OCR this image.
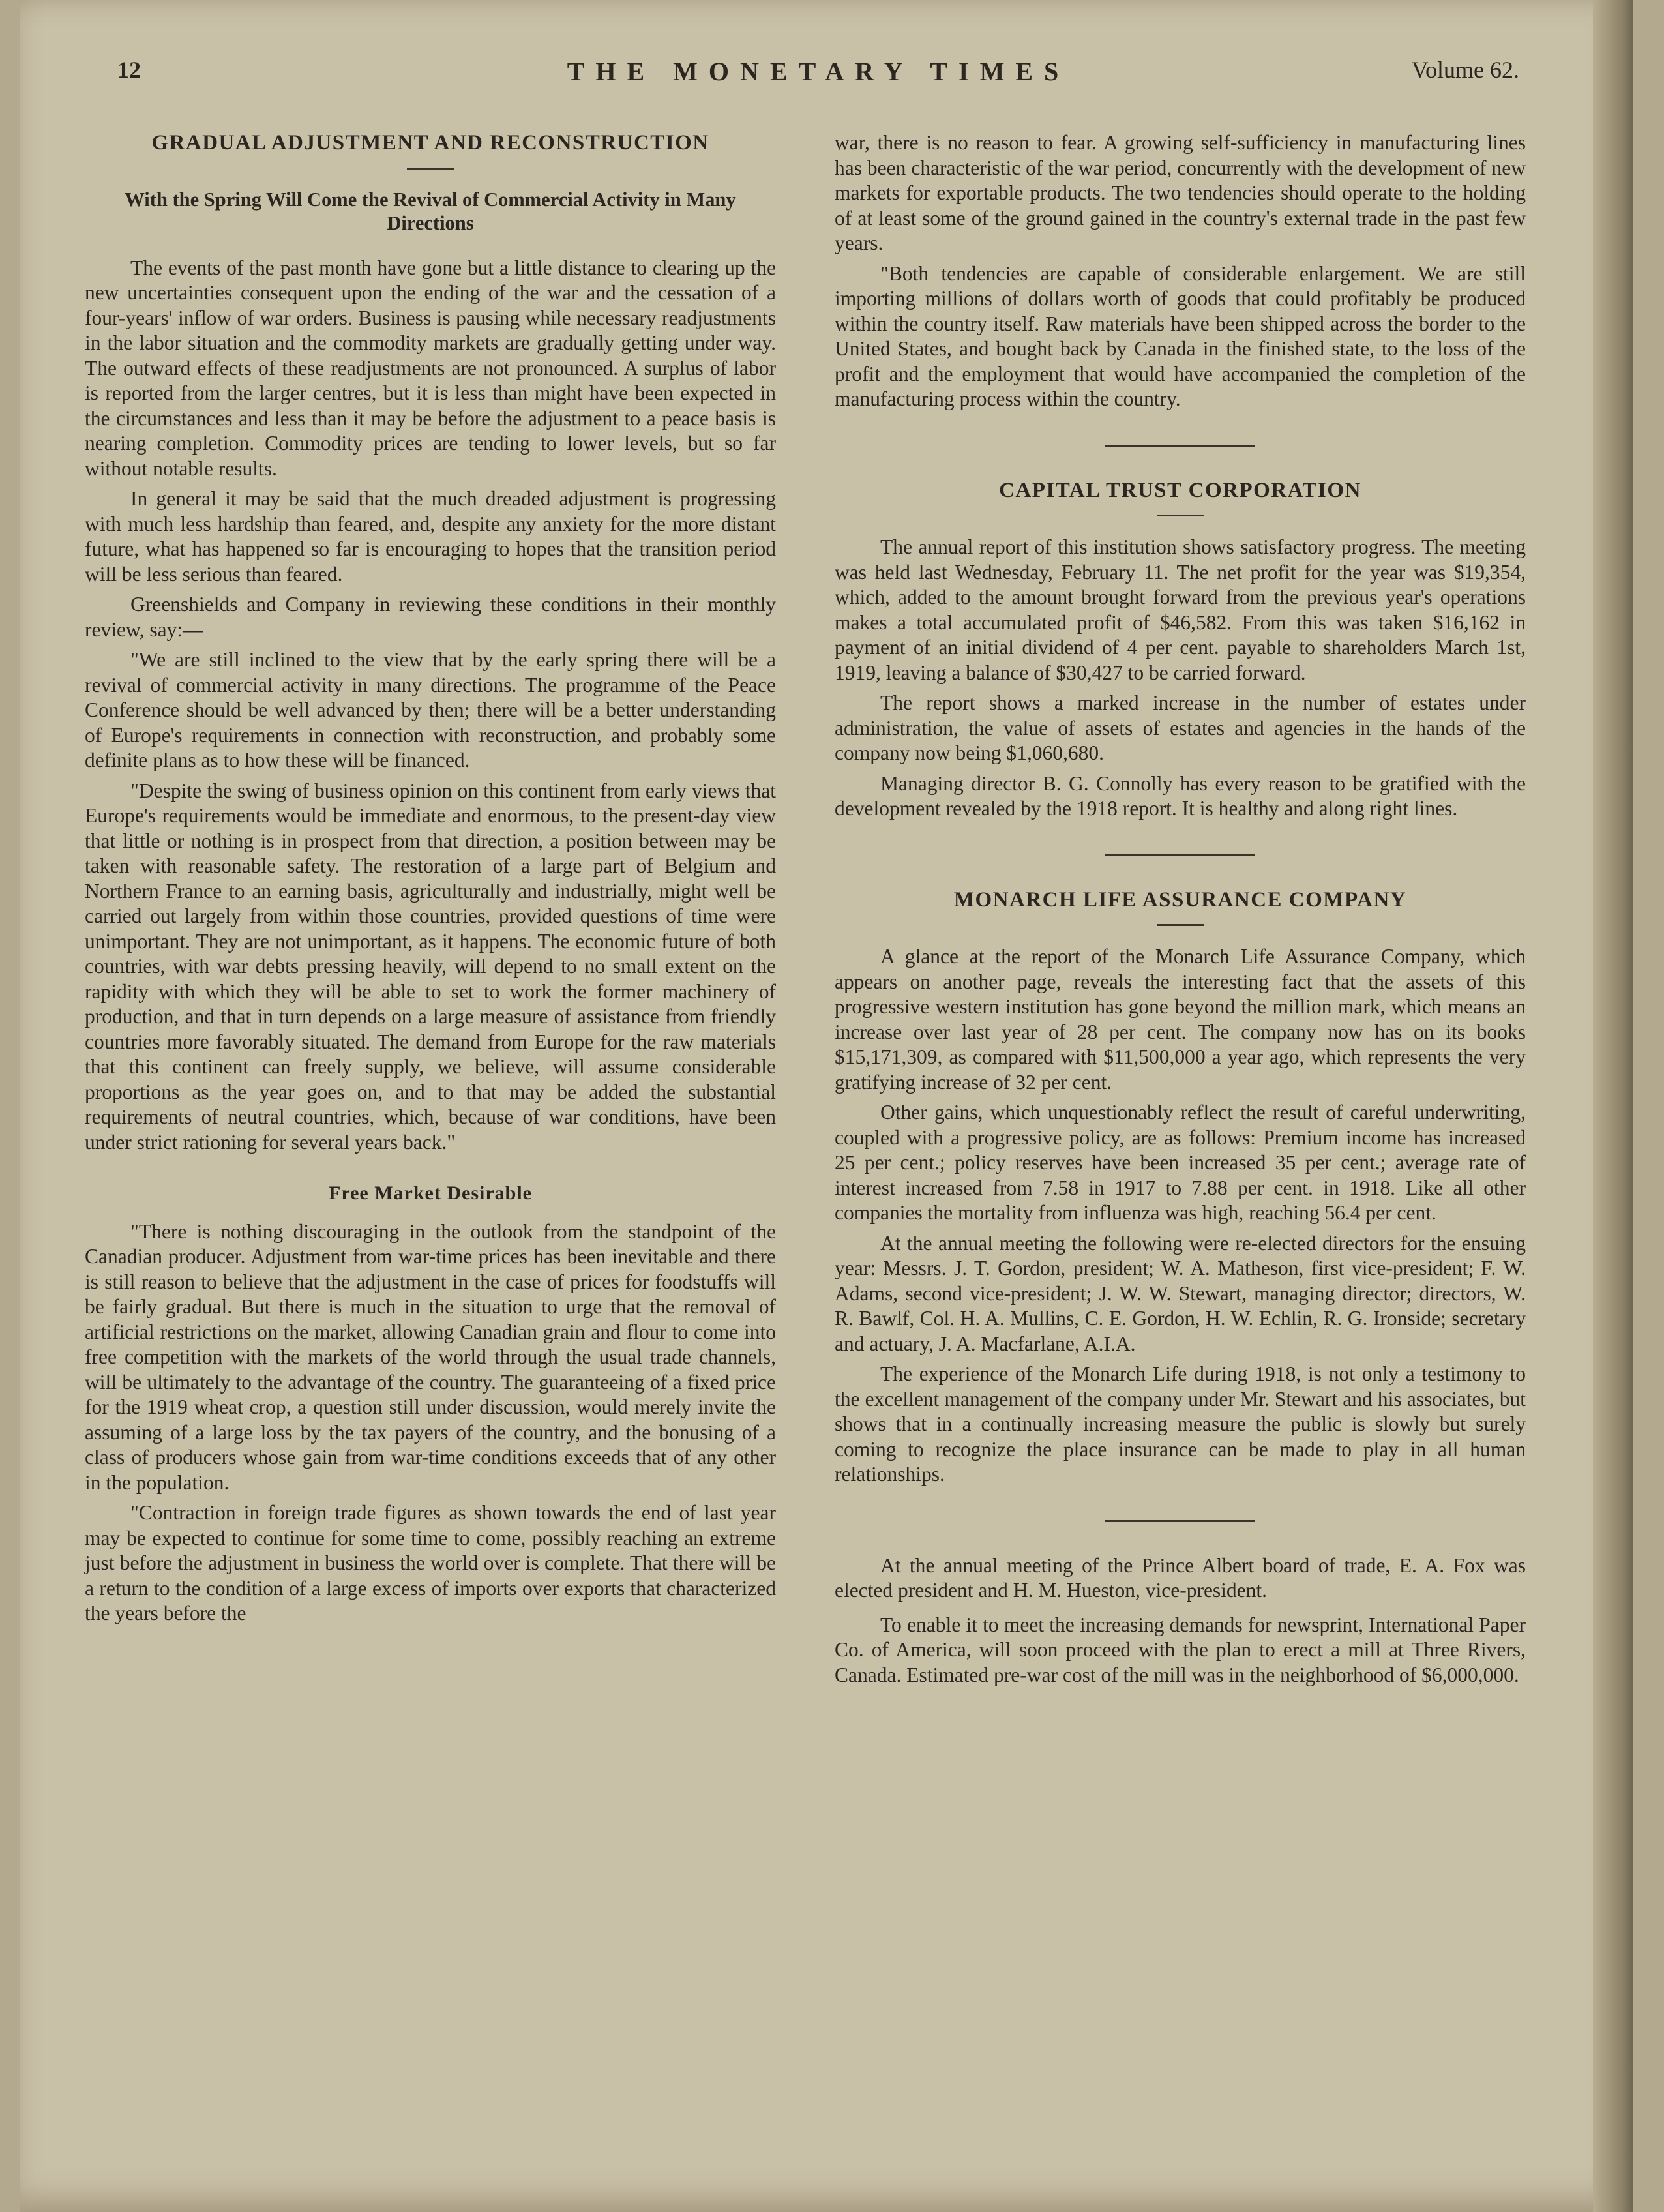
12	THE MONETARY TIMES	Volume 62.
GRADUAL ADJUSTMENT AND RECONSTRUCTION
With the Spring Will Come the Revival of Commercial Activity in Many Directions

The events of the past month have gone but a little distance to clearing up the new uncertainties consequent upon the ending of the war and the cessation of a four-years' inflow of war orders. Business is pausing while necessary readjustments in the labor situation and the commodity markets are gradually getting under way. The outward effects of these readjustments are not pronounced. A surplus of labor is reported from the larger centres, but it is less than might have been expected in the circumstances and less than it may be before the adjustment to a peace basis is nearing completion. Commodity prices are tending to lower levels, but so far without notable results.

In general it may be said that the much dreaded adjustment is progressing with much less hardship than feared, and, despite any anxiety for the more distant future, what has happened so far is encouraging to hopes that the transition period will be less serious than feared.

Greenshields and Company in reviewing these conditions in their monthly review, say:—

"We are still inclined to the view that by the early spring there will be a revival of commercial activity in many directions. The programme of the Peace Conference should be well advanced by then; there will be a better understanding of Europe's requirements in connection with reconstruction, and probably some definite plans as to how these will be financed.

"Despite the swing of business opinion on this continent from early views that Europe's requirements would be immediate and enormous, to the present-day view that little or nothing is in prospect from that direction, a position between may be taken with reasonable safety. The restoration of a large part of Belgium and Northern France to an earning basis, agriculturally and industrially, might well be carried out largely from within those countries, provided questions of time were unimportant. They are not unimportant, as it happens. The economic future of both countries, with war debts pressing heavily, will depend to no small extent on the rapidity with which they will be able to set to work the former machinery of production, and that in turn depends on a large measure of assistance from friendly countries more favorably situated. The demand from Europe for the raw materials that this continent can freely supply, we believe, will assume considerable proportions as the year goes on, and to that may be added the substantial requirements of neutral countries, which, because of war conditions, have been under strict rationing for several years back."

Free Market Desirable

"There is nothing discouraging in the outlook from the standpoint of the Canadian producer. Adjustment from war-time prices has been inevitable and there is still reason to believe that the adjustment in the case of prices for foodstuffs will be fairly gradual. But there is much in the situation to urge that the removal of artificial restrictions on the market, allowing Canadian grain and flour to come into free competition with the markets of the world through the usual trade channels, will be ultimately to the advantage of the country. The guaranteeing of a fixed price for the 1919 wheat crop, a question still under discussion, would merely invite the assuming of a large loss by the tax payers of the country, and the bonusing of a class of producers whose gain from war-time conditions exceeds that of any other in the population.

"Contraction in foreign trade figures as shown towards the end of last year may be expected to continue for some time to come, possibly reaching an extreme just before the adjustment in business the world over is complete. That there will be a return to the condition of a large excess of imports over exports that characterized the years before the

war, there is no reason to fear. A growing self-sufficiency in manufacturing lines has been characteristic of the war period, concurrently with the development of new markets for exportable products. The two tendencies should operate to the holding of at least some of the ground gained in the country's external trade in the past few years.

"Both tendencies are capable of considerable enlargement. We are still importing millions of dollars worth of goods that could profitably be produced within the country itself. Raw materials have been shipped across the border to the United States, and bought back by Canada in the finished state, to the loss of the profit and the employment that would have accompanied the completion of the manufacturing process within the country.

CAPITAL TRUST CORPORATION

The annual report of this institution shows satisfactory progress. The meeting was held last Wednesday, February 11. The net profit for the year was $19,354, which, added to the amount brought forward from the previous year's operations makes a total accumulated profit of $46,582. From this was taken $16,162 in payment of an initial dividend of 4 per cent. payable to shareholders March 1st, 1919, leaving a balance of $30,427 to be carried forward.

The report shows a marked increase in the number of estates under administration, the value of assets of estates and agencies in the hands of the company now being $1,060,680.

Managing director B. G. Connolly has every reason to be gratified with the development revealed by the 1918 report. It is healthy and along right lines.

MONARCH LIFE ASSURANCE COMPANY

A glance at the report of the Monarch Life Assurance Company, which appears on another page, reveals the interesting fact that the assets of this progressive western institution has gone beyond the million mark, which means an increase over last year of 28 per cent. The company now has on its books $15,171,309, as compared with $11,500,000 a year ago, which represents the very gratifying increase of 32 per cent.

Other gains, which unquestionably reflect the result of careful underwriting, coupled with a progressive policy, are as follows: Premium income has increased 25 per cent.; policy reserves have been increased 35 per cent.; average rate of interest increased from 7.58 in 1917 to 7.88 per cent. in 1918. Like all other companies the mortality from influenza was high, reaching 56.4 per cent.

At the annual meeting the following were re-elected directors for the ensuing year: Messrs. J. T. Gordon, president; W. A. Matheson, first vice-president; F. W. Adams, second vice-president; J. W. W. Stewart, managing director; directors, W. R. Bawlf, Col. H. A. Mullins, C. E. Gordon, H. W. Echlin, R. G. Ironside; secretary and actuary, J. A. Macfarlane, A.I.A.

The experience of the Monarch Life during 1918, is not only a testimony to the excellent management of the company under Mr. Stewart and his associates, but shows that in a continually increasing measure the public is slowly but surely coming to recognize the place insurance can be made to play in all human relationships.

At the annual meeting of the Prince Albert board of trade, E. A. Fox was elected president and H. M. Hueston, vice-president.

To enable it to meet the increasing demands for newsprint, International Paper Co. of America, will soon proceed with the plan to erect a mill at Three Rivers, Canada. Estimated pre-war cost of the mill was in the neighborhood of $6,000,000.
